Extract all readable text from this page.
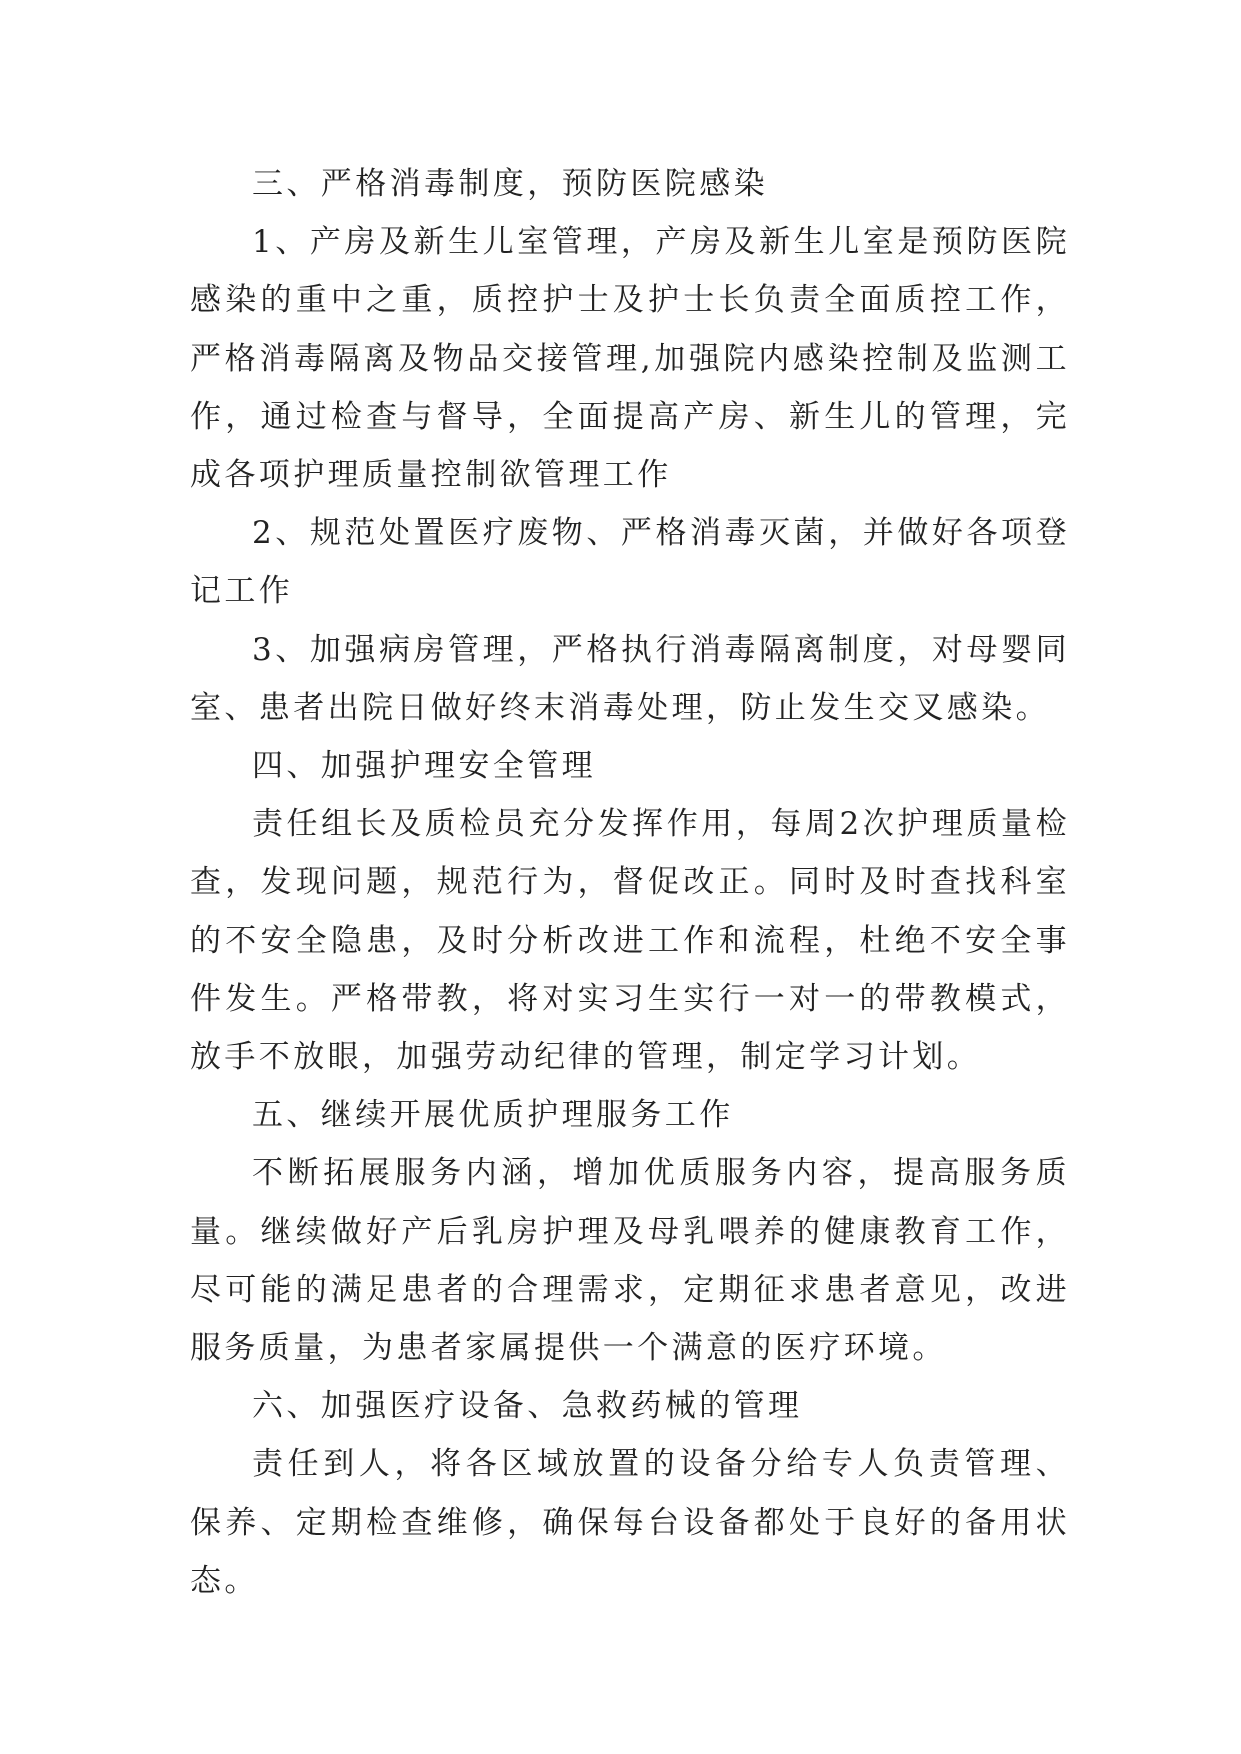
三、严格消毒制度，预防医院感染

1、产房及新生儿室管理，产房及新生儿室是预防医院感染的重中之重，质控护士及护士长负责全面质控工作，严格消毒隔离及物品交接管理,加强院内感染控制及监测工作，通过检查与督导，全面提高产房、新生儿的管理，完成各项护理质量控制欲管理工作

2、规范处置医疗废物、严格消毒灭菌，并做好各项登记工作

3、加强病房管理，严格执行消毒隔离制度，对母婴同室、患者出院日做好终末消毒处理，防止发生交叉感染。

四、加强护理安全管理

责任组长及质检员充分发挥作用，每周2次护理质量检查，发现问题，规范行为，督促改正。同时及时查找科室的不安全隐患，及时分析改进工作和流程，杜绝不安全事件发生。严格带教，将对实习生实行一对一的带教模式，放手不放眼，加强劳动纪律的管理，制定学习计划。

五、继续开展优质护理服务工作

不断拓展服务内涵，增加优质服务内容，提高服务质量。继续做好产后乳房护理及母乳喂养的健康教育工作，尽可能的满足患者的合理需求，定期征求患者意见，改进服务质量，为患者家属提供一个满意的医疗环境。

六、加强医疗设备、急救药械的管理

责任到人，将各区域放置的设备分给专人负责管理、保养、定期检查维修，确保每台设备都处于良好的备用状态。
